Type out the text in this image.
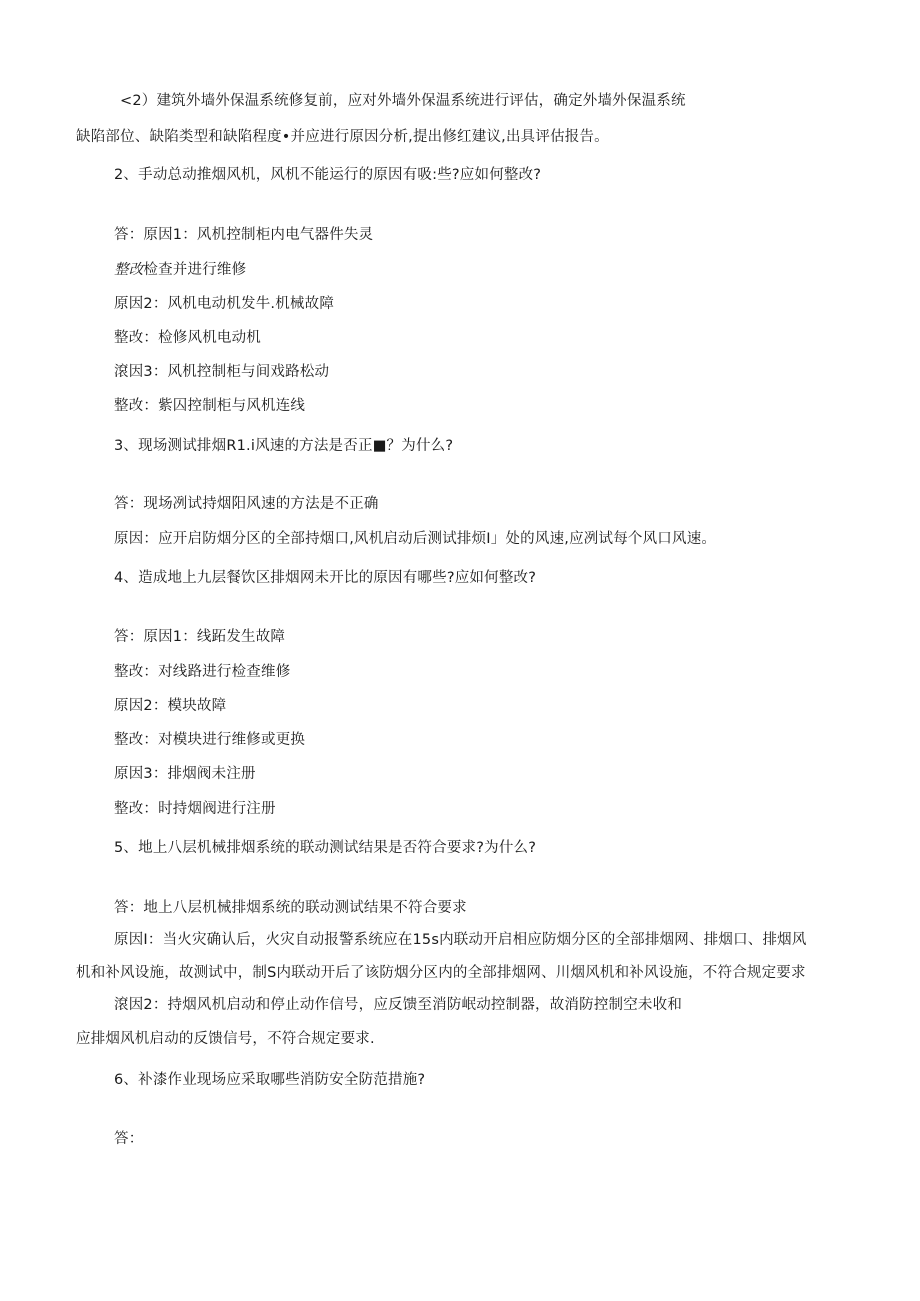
<2）建筑外墙外保温系统修复前，应对外墙外保温系统进行评估，确定外墙外保温系统
缺陷部位、缺陷类型和缺陷程度•并应进行原因分析,提出修红建议,出具评估报告。
2、手动总动推烟风机，风机不能运行的原因有吸:些?应如何整改?
答：原因1：风机控制柜内电气器件失灵
整改检查并进行维修
原因2：风机电动机发牛.机械故障
整改：检修风机电动机
滾因3：风机控制柜与间戏路松动
整改：紫囚控制柜与风机连线
3、现场测试排烟R1.i风速的方法是否正■？为什么?
答：现场冽试持烟阳风速的方法是不正确
原因：应开启防烟分区的全部持烟口,风机启动后测试排烦I」处的风速,应冽试每个风口风速。
4、造成地上九层餐饮区排烟网未开比的原因有哪些?应如何整改?
答：原因1：线跖发生故障
整改：对线路进行检查维修
原因2：模块故障
整改：对模块进行维修或更换
原因3：排烟阀未注册
整改：时持烟阀进行注册
5、地上八层机械排烟系统的联动测试结果是否符合要求?为什么?
答：地上八层机械排烟系统的联动测试结果不符合要求
原因I：当火灾确认后，火灾自动报警系统应在15s内联动开启相应防烟分区的全部排烟网、排烟口、排烟风
机和补风设施，故测试中，制S内联动开后了该防烟分区内的全部排烟网、川烟风机和补风设施，不符合规定要求
滾因2：持烟风机启动和停止动作信号，应反馈至消防岷动控制器，故消防控制空未收和
应排烟风机启动的反馈信号，不符合规定要求.
6、补漆作业现场应采取哪些消防安全防范措施?
答：
